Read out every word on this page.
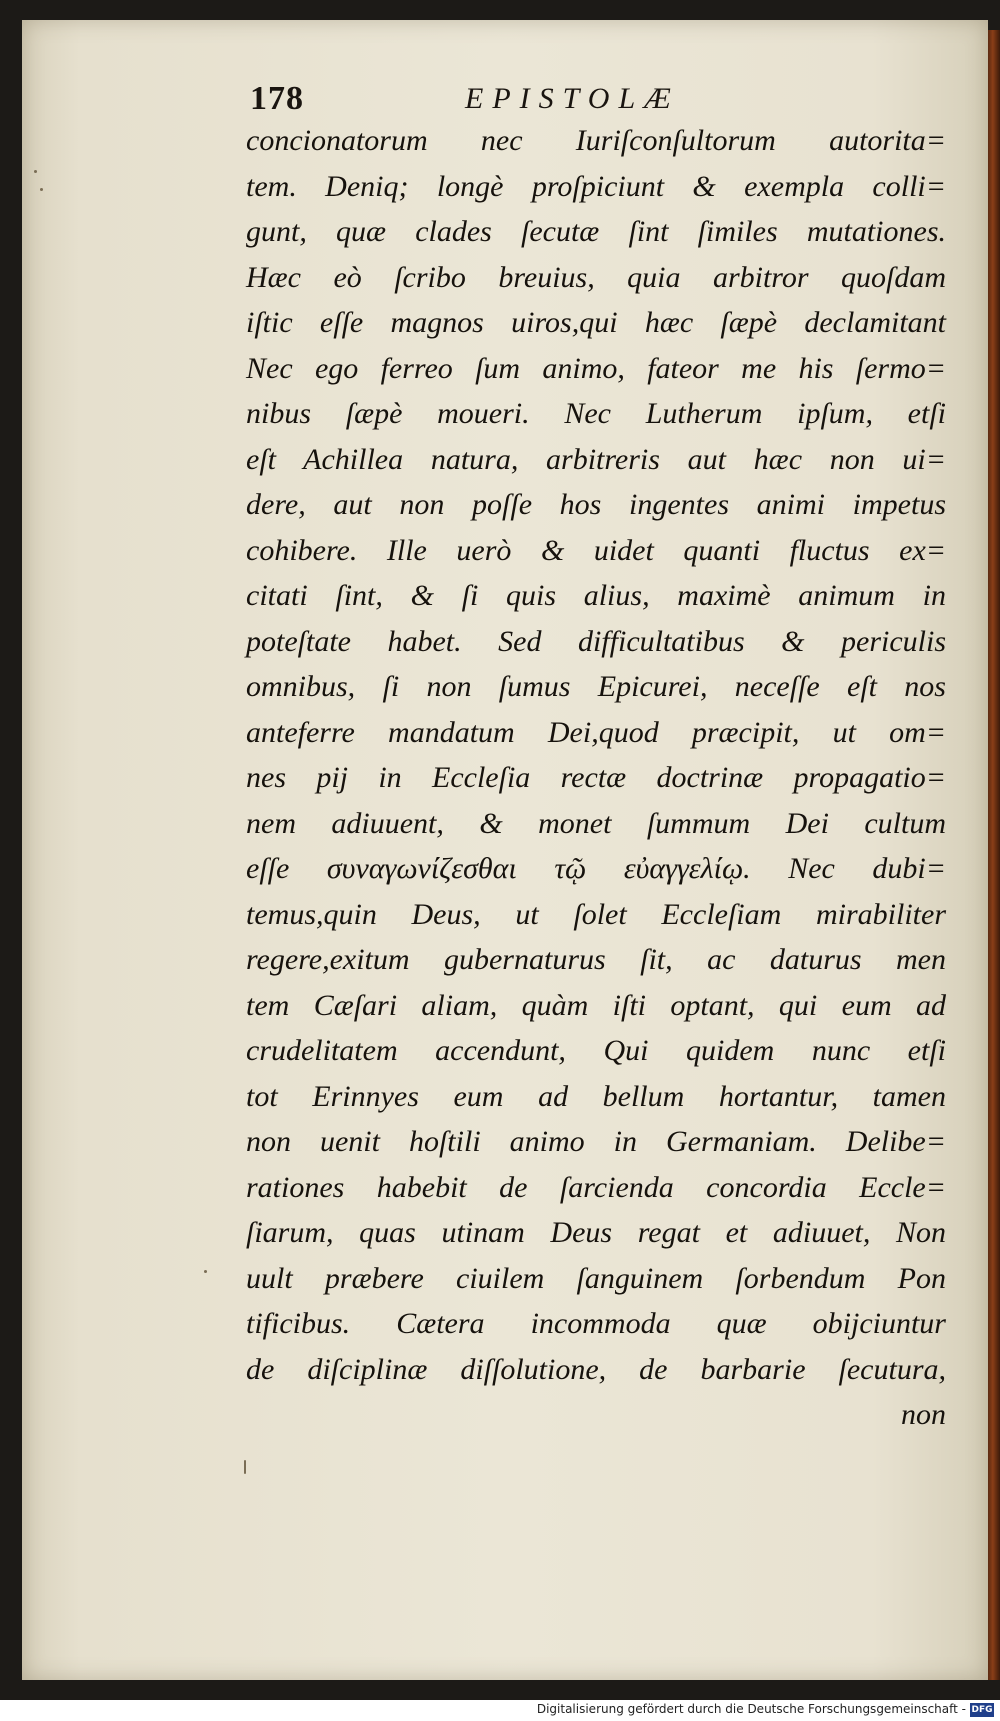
178	EPISTOLÆ
concionatorum nec Iuriſconſultorum autorita=
tem. Deniq; longè proſpiciunt & exempla colli=
gunt, quæ clades ſecutæ ſint ſimiles mutationes.
Hæc eò ſcribo breuius, quia arbitror quoſdam
iſtic eſſe magnos uiros,qui hæc ſæpè declamitant
Nec ego ferreo ſum animo, fateor me his ſermo=
nibus ſæpè moueri. Nec Lutherum ipſum, etſi
eſt Achillea natura, arbitreris aut hæc non ui=
dere, aut non poſſe hos ingentes animi impetus
cohibere. Ille uerò & uidet quanti fluctus ex=
citati ſint, & ſi quis alius, maximè animum in
poteſtate habet. Sed difficultatibus & periculis
omnibus, ſi non ſumus Epicurei, neceſſe eſt nos
anteferre mandatum Dei,quod præcipit, ut om=
nes pij in Eccleſia rectæ doctrinæ propagatio=
nem adiuuent, & monet ſummum Dei cultum
eſſe συναγωνίζεσθαι τῷ εὐαγγελίῳ. Nec dubi=
temus,quin Deus, ut ſolet Eccleſiam mirabiliter
regere,exitum gubernaturus ſit, ac daturus men
tem Cæſari aliam, quàm iſti optant, qui eum ad
crudelitatem accendunt, Qui quidem nunc etſi
tot Erinnyes eum ad bellum hortantur, tamen
non uenit hoſtili animo in Germaniam. Delibe=
rationes habebit de ſarcienda concordia Eccle=
ſiarum, quas utinam Deus regat et adiuuet, Non
uult præbere ciuilem ſanguinem ſorbendum Pon
tificibus. Cætera incommoda quæ obijciuntur
de diſciplinæ diſſolutione, de barbarie ſecutura,
non
Digitalisierung gefördert durch die Deutsche Forschungsgemeinschaft - DFG
